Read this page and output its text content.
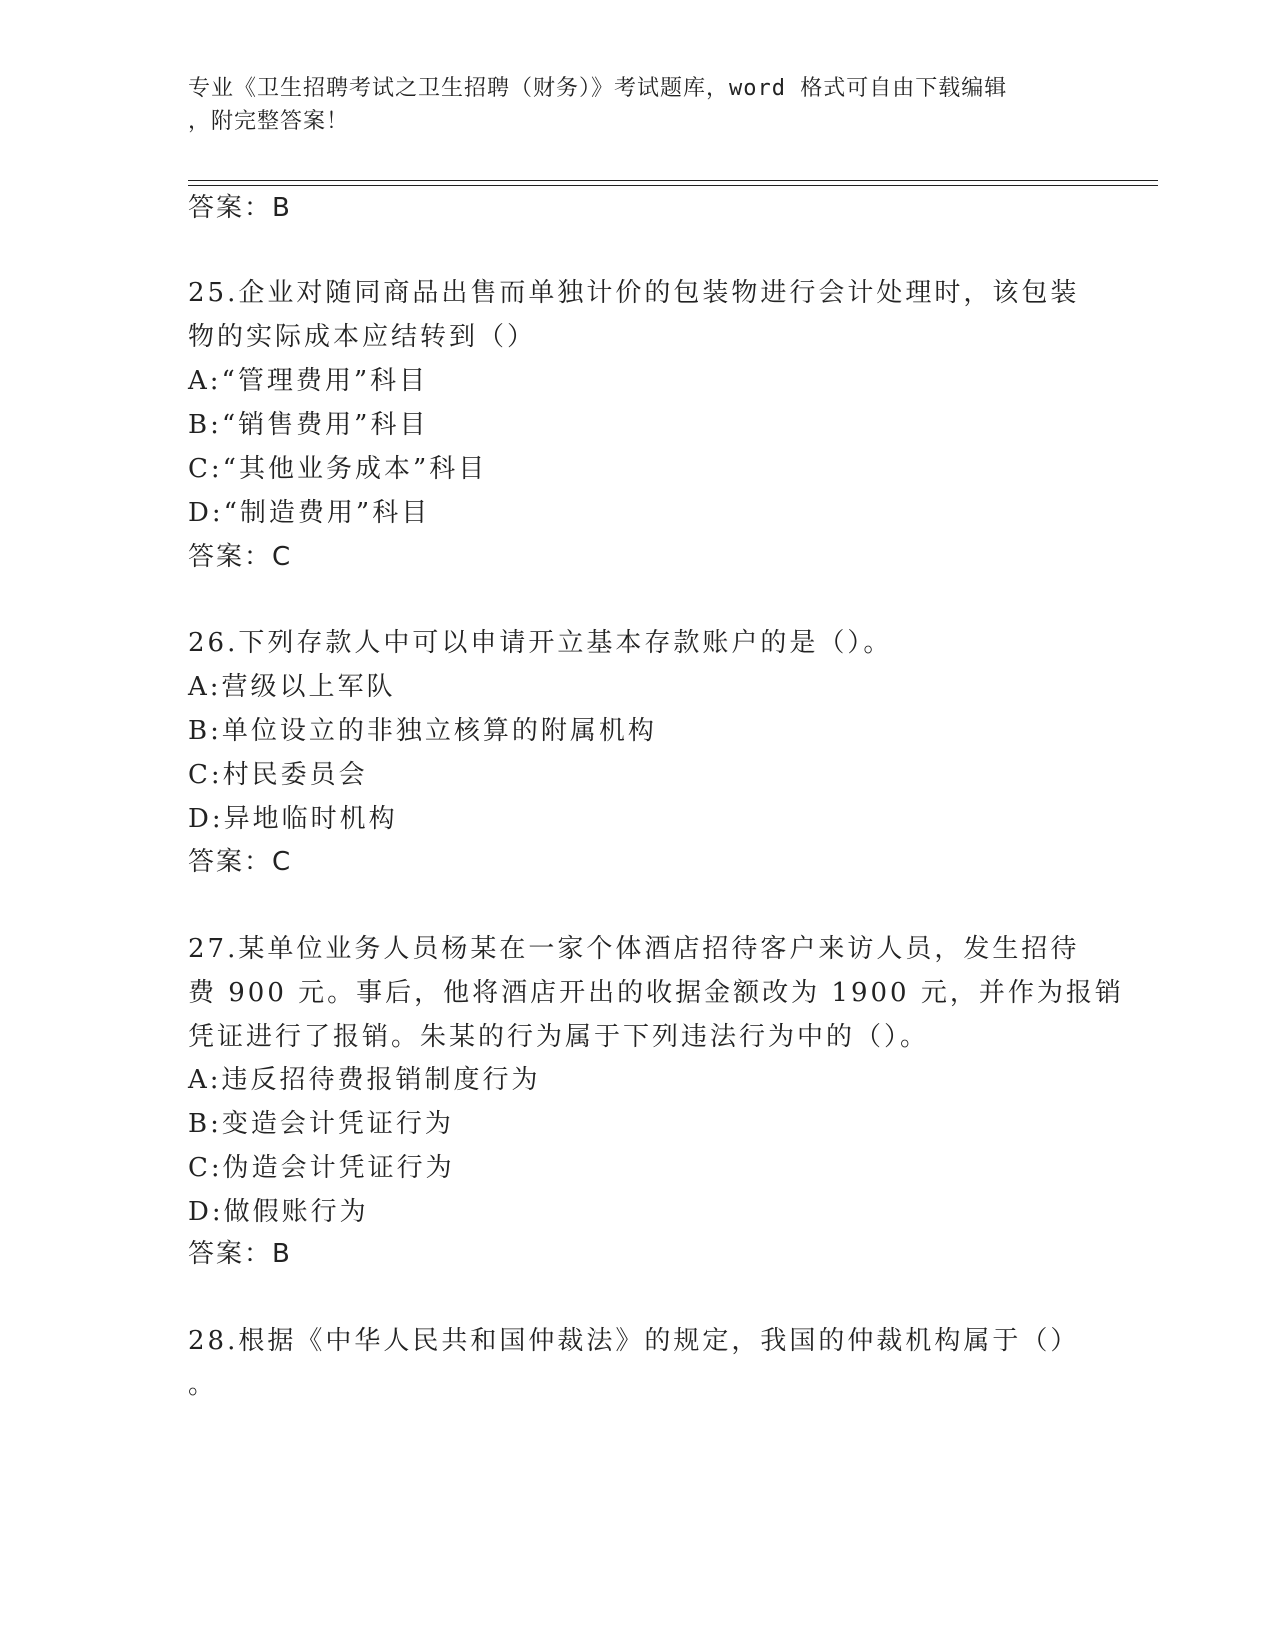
专业《卫生招聘考试之卫生招聘（财务）》考试题库，word 格式可自由下载编辑
，附完整答案！
答案：B
25.企业对随同商品出售而单独计价的包装物进行会计处理时，该包装
物的实际成本应结转到（）
A:“管理费用”科目
B:“销售费用”科目
C:“其他业务成本”科目
D:“制造费用”科目
答案：C
26.下列存款人中可以申请开立基本存款账户的是（）。
A:营级以上军队
B:单位设立的非独立核算的附属机构
C:村民委员会
D:异地临时机构
答案：C
27.某单位业务人员杨某在一家个体酒店招待客户来访人员，发生招待
费 900 元。事后，他将酒店开出的收据金额改为 1900 元，并作为报销
凭证进行了报销。朱某的行为属于下列违法行为中的（）。
A:违反招待费报销制度行为
B:变造会计凭证行为
C:伪造会计凭证行为
D:做假账行为
答案：B
28.根据《中华人民共和国仲裁法》的规定，我国的仲裁机构属于（）
。
